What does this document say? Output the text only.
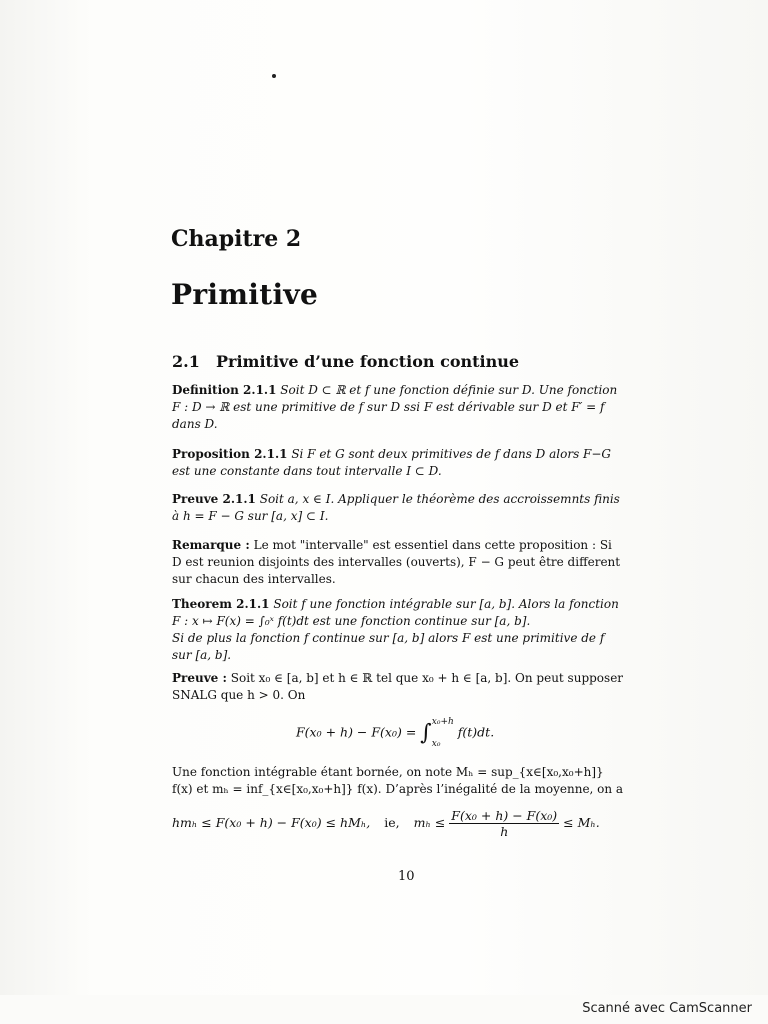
Chapitre 2
Primitive
2.1 Primitive d’une fonction continue
Definition 2.1.1 Soit D ⊂ ℝ et f une fonction définie sur D. Une fonction F : D → ℝ est une primitive de f sur D ssi F est dérivable sur D et F′ = f dans D.
Proposition 2.1.1 Si F et G sont deux primitives de f dans D alors F−G est une constante dans tout intervalle I ⊂ D.
Preuve 2.1.1 Soit a, x ∈ I. Appliquer le théorème des accroissemnts finis à h = F − G sur [a, x] ⊂ I.
Remarque : Le mot "intervalle" est essentiel dans cette proposition : Si D est reunion disjoints des intervalles (ouverts), F − G peut être different sur chacun des intervalles.
Theorem 2.1.1 Soit f une fonction intégrable sur [a, b]. Alors la fonction F : x ↦ F(x) = ∫₀ˣ f(t)dt est une fonction continue sur [a, b].
Si de plus la fonction f continue sur [a, b] alors F est une primitive de f sur [a, b].
Preuve : Soit x₀ ∈ [a, b] et h ∈ ℝ tel que x₀ + h ∈ [a, b]. On peut supposer SNALG que h > 0. On
F(x₀ + h) − F(x₀) = ∫ x₀+h
x₀
f(t)dt.
Une fonction intégrable étant bornée, on note Mₕ = sup_{x∈[x₀,x₀+h]} f(x) et mₕ = inf_{x∈[x₀,x₀+h]} f(x). D’après l’inégalité de la moyenne, on a
hmₕ ≤ F(x₀ + h) − F(x₀) ≤ hMₕ, ie, $m_h \le \frac{\text{F(x₀ + h) − F(x₀)}}{h} \le M_h$.
10
Scanné avec CamScanner
